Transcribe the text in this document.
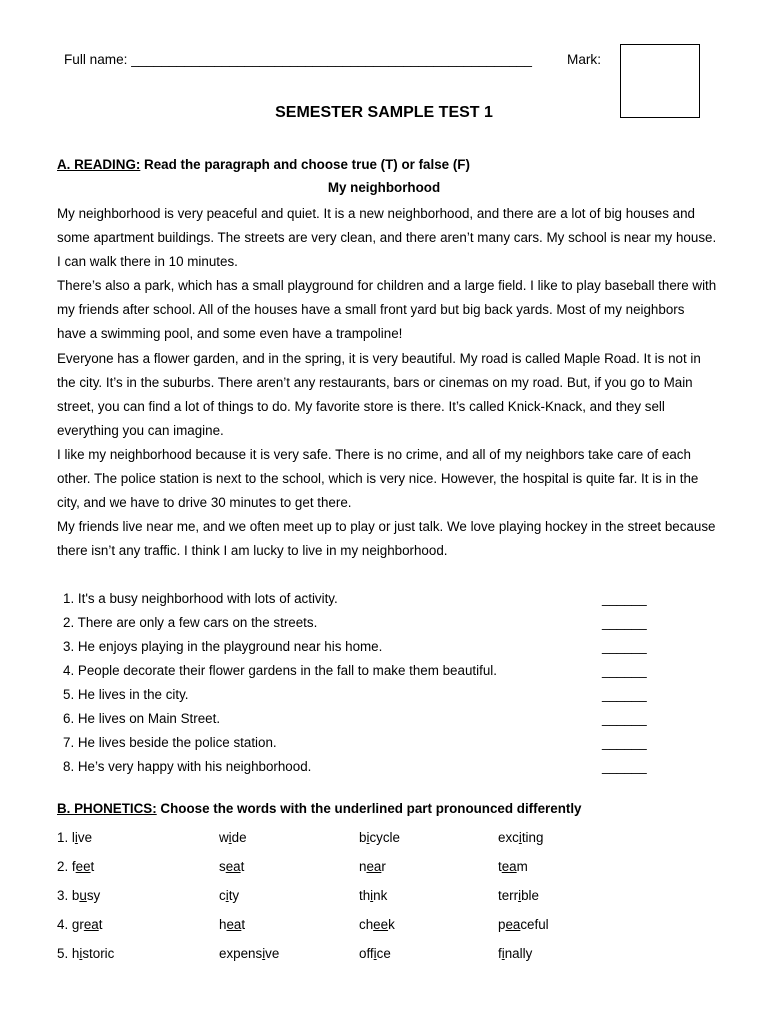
Full name: _____________________________________________________	Mark:
SEMESTER SAMPLE TEST 1
A. READING: Read the paragraph and choose true (T) or false (F)
My neighborhood

My neighborhood is very peaceful and quiet. It is a new neighborhood, and there are a lot of big houses and some apartment buildings. The streets are very clean, and there aren’t many cars. My school is near my house. I can walk there in 10 minutes.

There’s also a park, which has a small playground for children and a large field. I like to play baseball there with my friends after school. All of the houses have a small front yard but big back yards. Most of my neighbors have a swimming pool, and some even have a trampoline!

Everyone has a flower garden, and in the spring, it is very beautiful. My road is called Maple Road. It is not in the city. It’s in the suburbs. There aren’t any restaurants, bars or cinemas on my road. But, if you go to Main street, you can find a lot of things to do. My favorite store is there. It’s called Knick-Knack, and they sell everything you can imagine.

I like my neighborhood because it is very safe. There is no crime, and all of my neighbors take care of each other. The police station is next to the school, which is very nice. However, the hospital is quite far. It is in the city, and we have to drive 30 minutes to get there.

My friends live near me, and we often meet up to play or just talk. We love playing hockey in the street because there isn’t any traffic. I think I am lucky to live in my neighborhood.

1. It's a busy neighborhood with lots of activity.	______
2. There are only a few cars on the streets.	______
3. He enjoys playing in the playground near his home.	______
4. People decorate their flower gardens in the fall to make them beautiful.	______
5. He lives in the city.	______
6. He lives on Main Street.	______
7. He lives beside the police station.	______
8. He’s very happy with his neighborhood.	______
B. PHONETICS: Choose the words with the underlined part pronounced differently
1. live	wide	bicycle	exciting
2. feet	seat	near	team
3. busy	city	think	terrible
4. great	heat	cheek	peaceful
5. historic	expensive	office	finally
